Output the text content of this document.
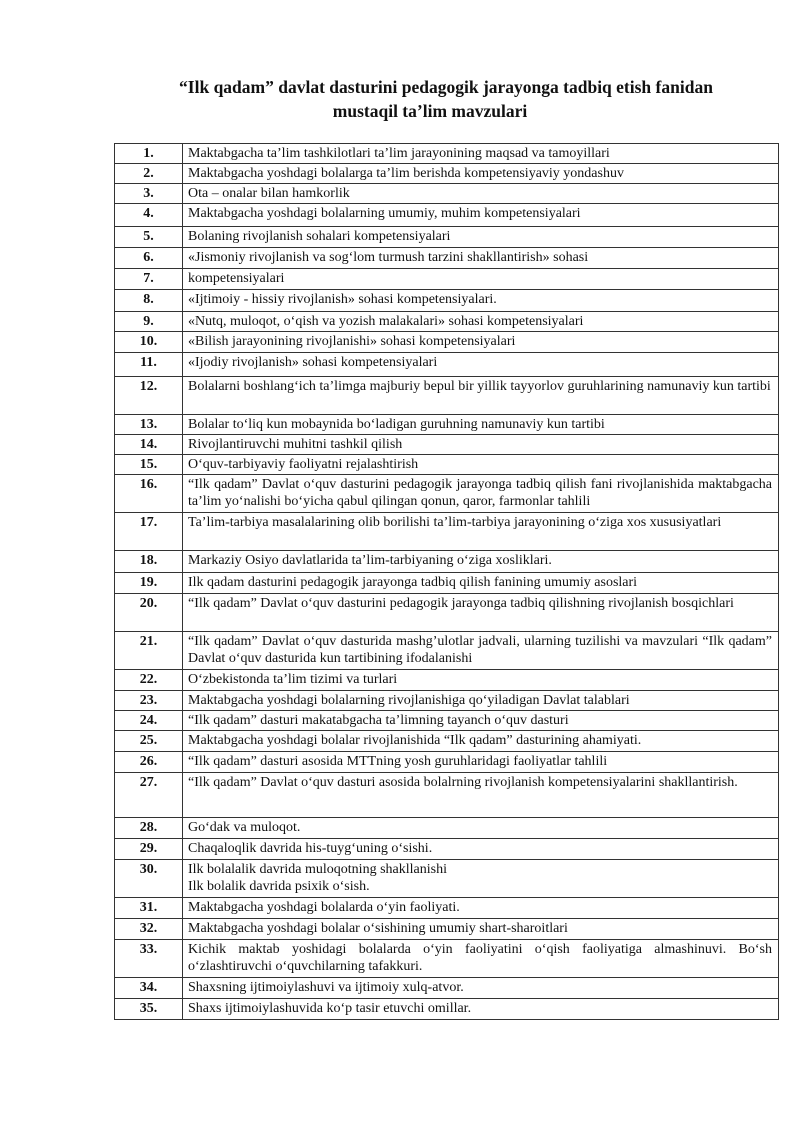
“Ilk qadam” davlat dasturini pedagogik jarayonga tadbiq etish fanidan
mustaqil ta’lim mavzulari
1.	Maktabgacha ta’lim tashkilotlari ta’lim jarayonining maqsad va tamoyillari

2.	Maktabgacha yoshdagi bolalarga ta’lim berishda kompetensiyaviy yondashuv

3.	Ota – onalar bilan hamkorlik

4.	Maktabgacha yoshdagi bolalarning umumiy, muhim kompetensiyalari

5.	Bolaning rivojlanish sohalari kompetensiyalari

6.	«Jismoniy rivojlanish va sog‘lom turmush tarzini shakllantirish» sohasi

7.	kompetensiyalari

8.	«Ijtimoiy - hissiy rivojlanish» sohasi kompetensiyalari.

9.	«Nutq, muloqot, o‘qish va yozish malakalari» sohasi kompetensiyalari

10.	«Bilish jarayonining rivojlanishi» sohasi kompetensiyalari

11.	«Ijodiy rivojlanish» sohasi kompetensiyalari

12.	Bolalarni boshlang‘ich ta’limga majburiy bepul bir yillik tayyorlov guruhlarining namunaviy kun tartibi

13.	Bolalar to‘liq kun mobaynida bo‘ladigan guruhning namunaviy kun tartibi

14.	Rivojlantiruvchi muhitni tashkil qilish

15.	O‘quv-tarbiyaviy faoliyatni rejalashtirish

16.	“Ilk qadam” Davlat o‘quv dasturini pedagogik jarayonga tadbiq qilish fani rivojlanishida maktabgacha ta’lim yo‘nalishi bo‘yicha qabul qilingan qonun, qaror, farmonlar tahlili

17.	Ta’lim-tarbiya masalalarining olib borilishi ta’lim-tarbiya jarayonining o‘ziga xos xususiyatlari

18.	Markaziy Osiyo davlatlarida ta’lim-tarbiyaning o‘ziga xosliklari.

19.	Ilk qadam dasturini pedagogik jarayonga tadbiq qilish fanining umumiy asoslari

20.	“Ilk qadam” Davlat o‘quv dasturini pedagogik jarayonga tadbiq qilishning rivojlanish bosqichlari

21.	“Ilk qadam” Davlat o‘quv dasturida mashg’ulotlar jadvali, ularning tuzilishi va mavzulari “Ilk qadam” Davlat o‘quv dasturida kun tartibining ifodalanishi

22.	O‘zbekistonda ta’lim tizimi va turlari

23.	Maktabgacha yoshdagi bolalarning rivojlanishiga qo‘yiladigan Davlat talablari

24.	“Ilk qadam” dasturi makatabgacha ta’limning tayanch o‘quv dasturi

25.	Maktabgacha yoshdagi bolalar rivojlanishida “Ilk qadam” dasturining ahamiyati.

26.	“Ilk qadam” dasturi asosida MTTning yosh guruhlaridagi faoliyatlar tahlili

27.	“Ilk qadam” Davlat o‘quv dasturi asosida bolalrning rivojlanish kompetensiyalarini shakllantirish.

28.	Go‘dak va muloqot.

29.	Chaqaloqlik davrida his-tuyg‘uning o‘sishi.

30.	Ilk bolalalik davrida muloqotning shakllanishi
Ilk bolalik davrida psixik o‘sish.

31.	Maktabgacha yoshdagi bolalarda o‘yin faoliyati.

32.	Maktabgacha yoshdagi bolalar o‘sishining umumiy shart-sharoitlari

33.	Kichik maktab yoshidagi bolalarda o‘yin faoliyatini o‘qish faoliyatiga almashinuvi. Bo‘sh o‘zlashtiruvchi o‘quvchilarning tafakkuri.

34.	Shaxsning ijtimoiylashuvi va ijtimoiy xulq-atvor.

35.	Shaxs ijtimoiylashuvida ko‘p tasir etuvchi omillar.
